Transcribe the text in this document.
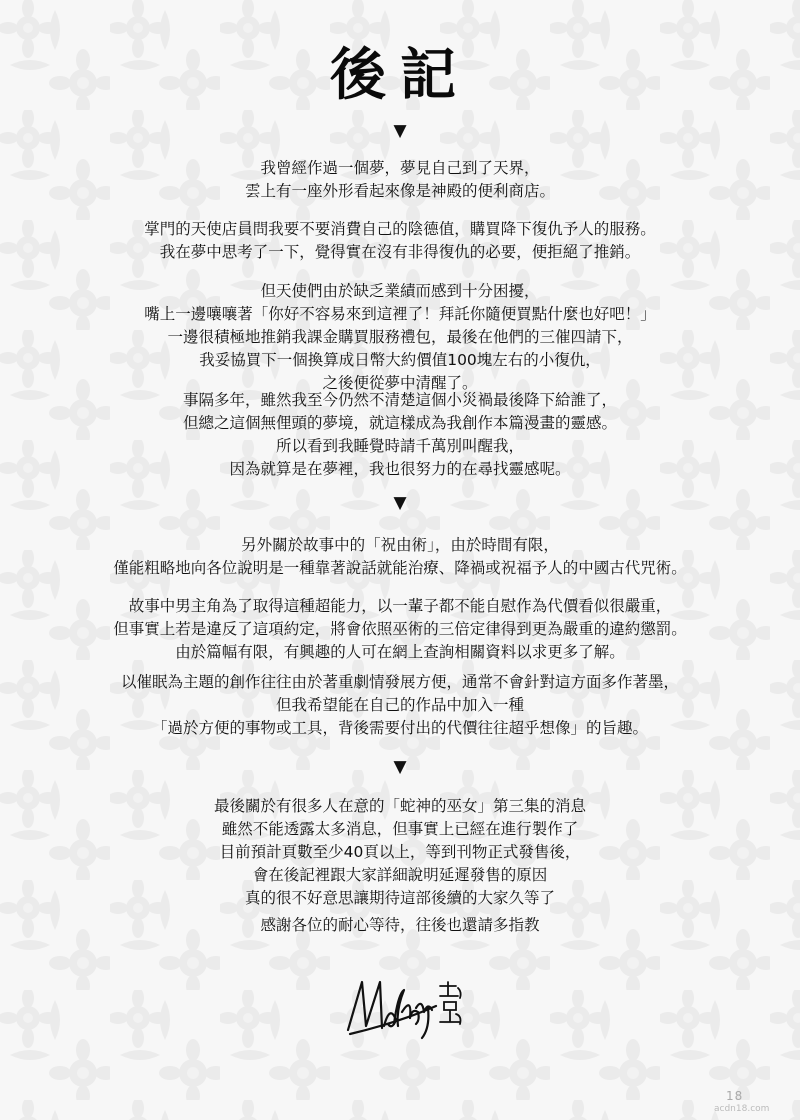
後記
▼

我曾經作過一個夢，夢見自己到了天界，
雲上有一座外形看起來像是神殿的便利商店。

掌門的天使店員問我要不要消費自己的陰德值，購買降下復仇予人的服務。
我在夢中思考了一下，覺得實在沒有非得復仇的必要，便拒絕了推銷。

但天使們由於缺乏業績而感到十分困擾，
嘴上一邊嚷嚷著「你好不容易來到這裡了！拜託你隨便買點什麼也好吧！」
一邊很積極地推銷我課金購買服務禮包，最後在他們的三催四請下，
我妥協買下一個換算成日幣大約價值100塊左右的小復仇，
之後便從夢中清醒了。

事隔多年，雖然我至今仍然不清楚這個小災禍最後降下給誰了，
但總之這個無俚頭的夢境，就這樣成為我創作本篇漫畫的靈感。
所以看到我睡覺時請千萬別叫醒我，
因為就算是在夢裡，我也很努力的在尋找靈感呢。

▼

另外關於故事中的「祝由術」，由於時間有限，
僅能粗略地向各位說明是一種靠著說話就能治療、降禍或祝福予人的中國古代咒術。

故事中男主角為了取得這種超能力，以一輩子都不能自慰作為代價看似很嚴重，
但事實上若是違反了這項約定，將會依照巫術的三倍定律得到更為嚴重的違約懲罰。
由於篇幅有限，有興趣的人可在網上查詢相關資料以求更多了解。

以催眠為主題的創作往往由於著重劇情發展方便，通常不會針對這方面多作著墨，
但我希望能在自己的作品中加入一種
「過於方便的事物或工具，背後需要付出的代價往往超乎想像」的旨趣。

▼

最後關於有很多人在意的「蛇神的巫女」第三集的消息
雖然不能透露太多消息，但事實上已經在進行製作了
目前預計頁數至少40頁以上，等到刊物正式發售後，
會在後記裡跟大家詳細說明延遲發售的原因
真的很不好意思讓期待這部後續的大家久等了

感謝各位的耐心等待，往後也還請多指教

18
acdn18.com
